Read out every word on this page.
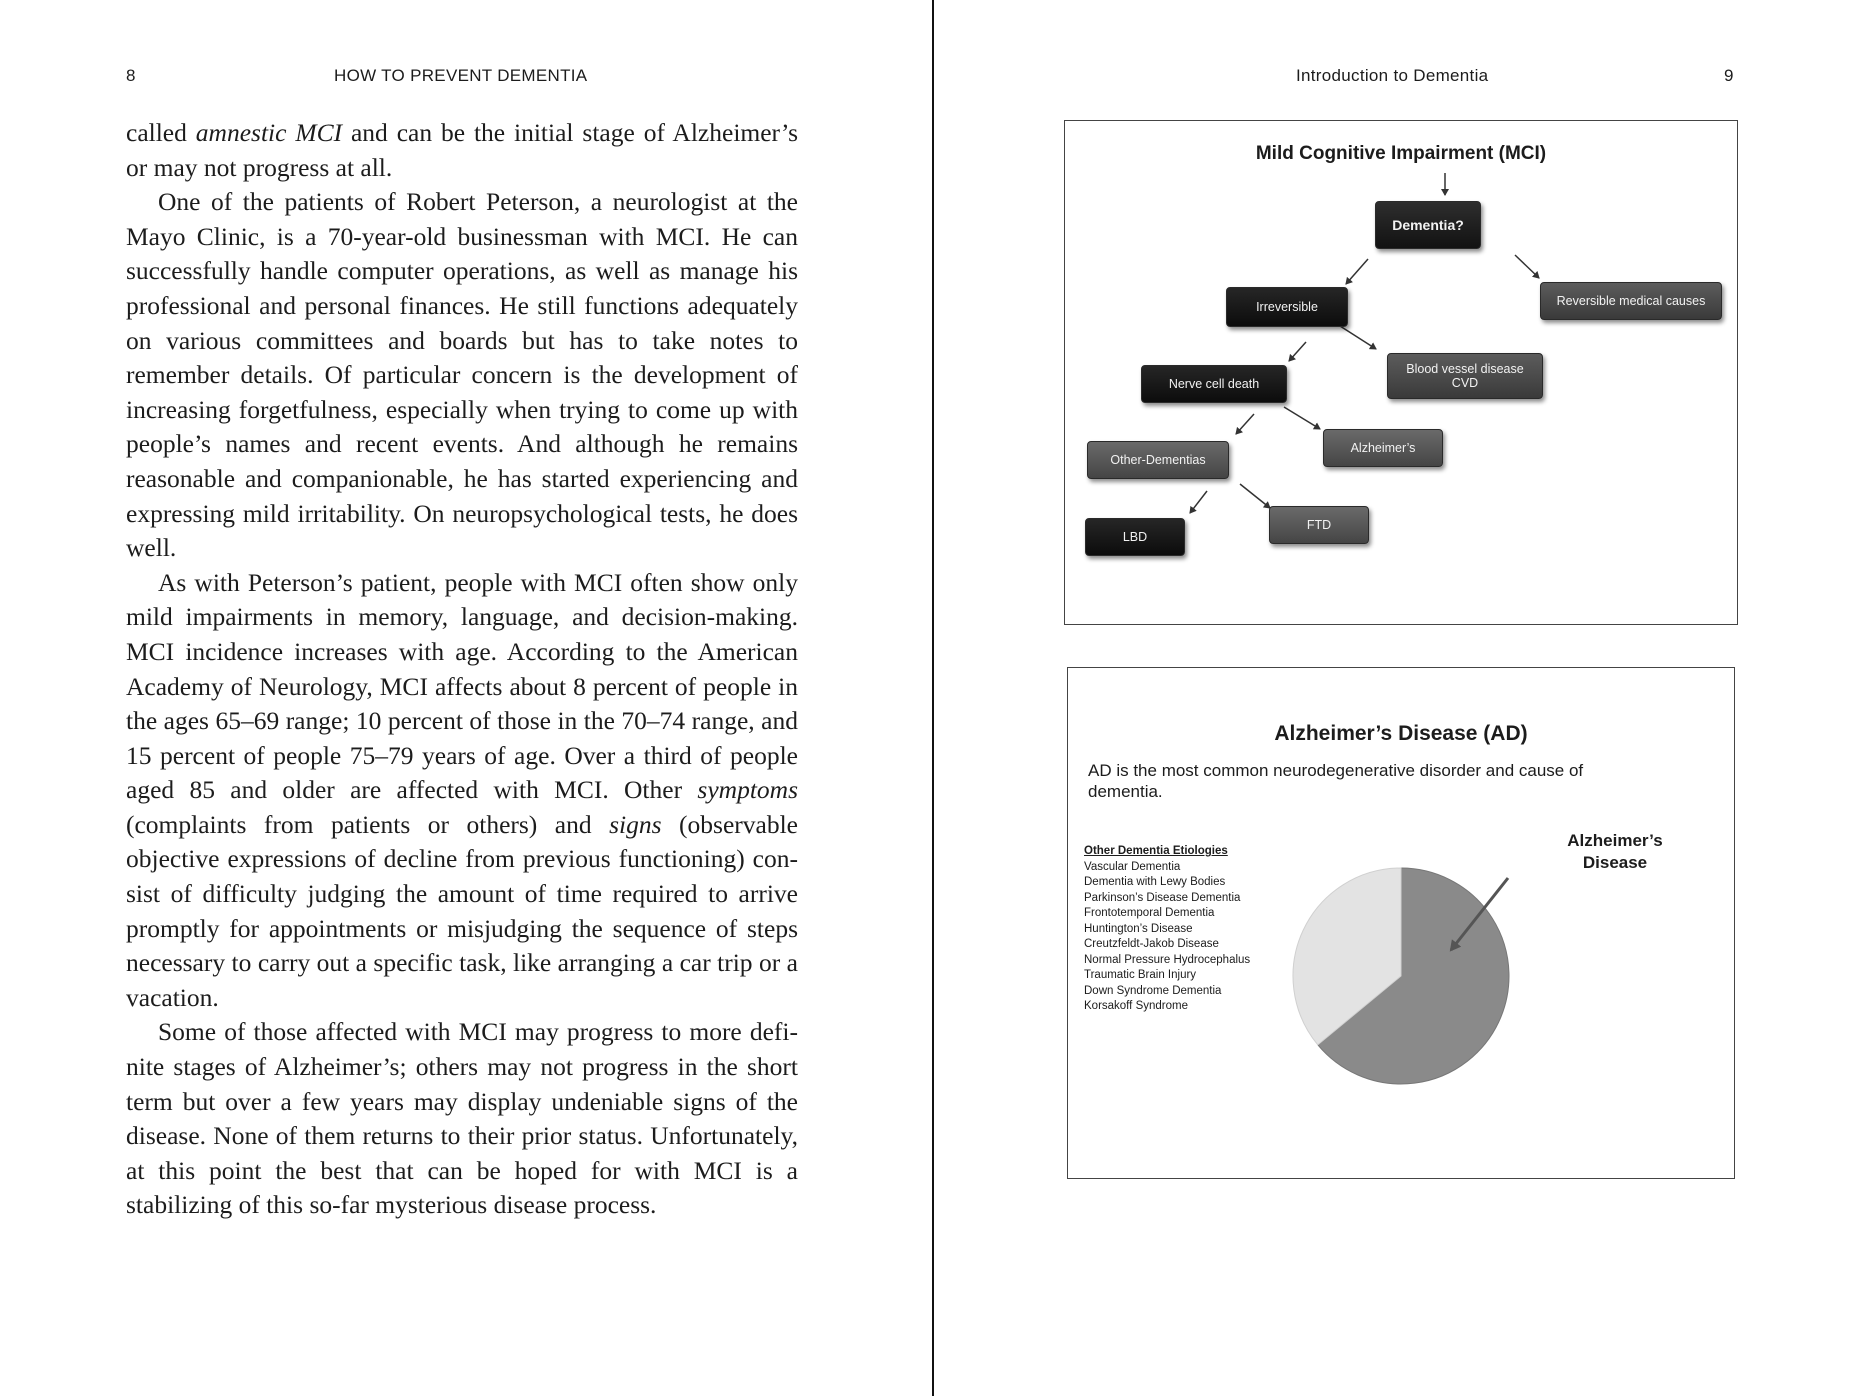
8	HOW TO PREVENT DEMENTIA

called amnestic MCI and can be the initial stage of Alzheimer’s or may not progress at all.

One of the patients of Robert Peterson, a neurologist at the Mayo Clinic, is a 70-year-old businessman with MCI. He can successfully handle computer operations, as well as manage his professional and personal finances. He still functions adequately on various committees and boards but has to take notes to remember details. Of particular concern is the development of increasing forgetfulness, especially when trying to come up with people’s names and recent events. And although he remains reasonable and companionable, he has started experiencing and expressing mild irritability. On neuropsychological tests, he does well.

As with Peterson’s patient, people with MCI often show only mild impairments in memory, language, and decision-making. MCI incidence increases with age. According to the American Academy of Neurology, MCI affects about 8 percent of people in the ages 65–69 range; 10 percent of those in the 70–74 range, and 15 percent of people 75–79 years of age. Over a third of people aged 85 and older are affected with MCI. Other symptoms (complaints from patients or others) and signs (observable objective expressions of decline from previous functioning) consist of difficulty judging the amount of time required to arrive promptly for appointments or misjudging the sequence of steps necessary to carry out a specific task, like arranging a car trip or a vacation.

Some of those affected with MCI may progress to more definite stages of Alzheimer’s; others may not progress in the short term but over a few years may display undeniable signs of the disease. None of them returns to their prior status. Unfortunately, at this point the best that can be hoped for with MCI is a stabilizing of this so-far mysterious disease process.

Introduction to Dementia	9
Mild Cognitive Impairment (MCI)
Dementia?
Irreversible	Reversible medical causes
Nerve cell death
Blood vessel disease
CVD
Alzheimer’s
Other-Dementias
LBD
FTD
Alzheimer’s Disease (AD)
AD is the most common neurodegenerative disorder and cause of dementia.
Other Dementia Etiologies
Vascular Dementia
Dementia with Lewy Bodies
Parkinson’s Disease Dementia
Frontotemporal Dementia
Huntington’s Disease
Creutzfeldt-Jakob Disease
Normal Pressure Hydrocephalus
Traumatic Brain Injury
Down Syndrome Dementia
Korsakoff Syndrome
Alzheimer’s
Disease
